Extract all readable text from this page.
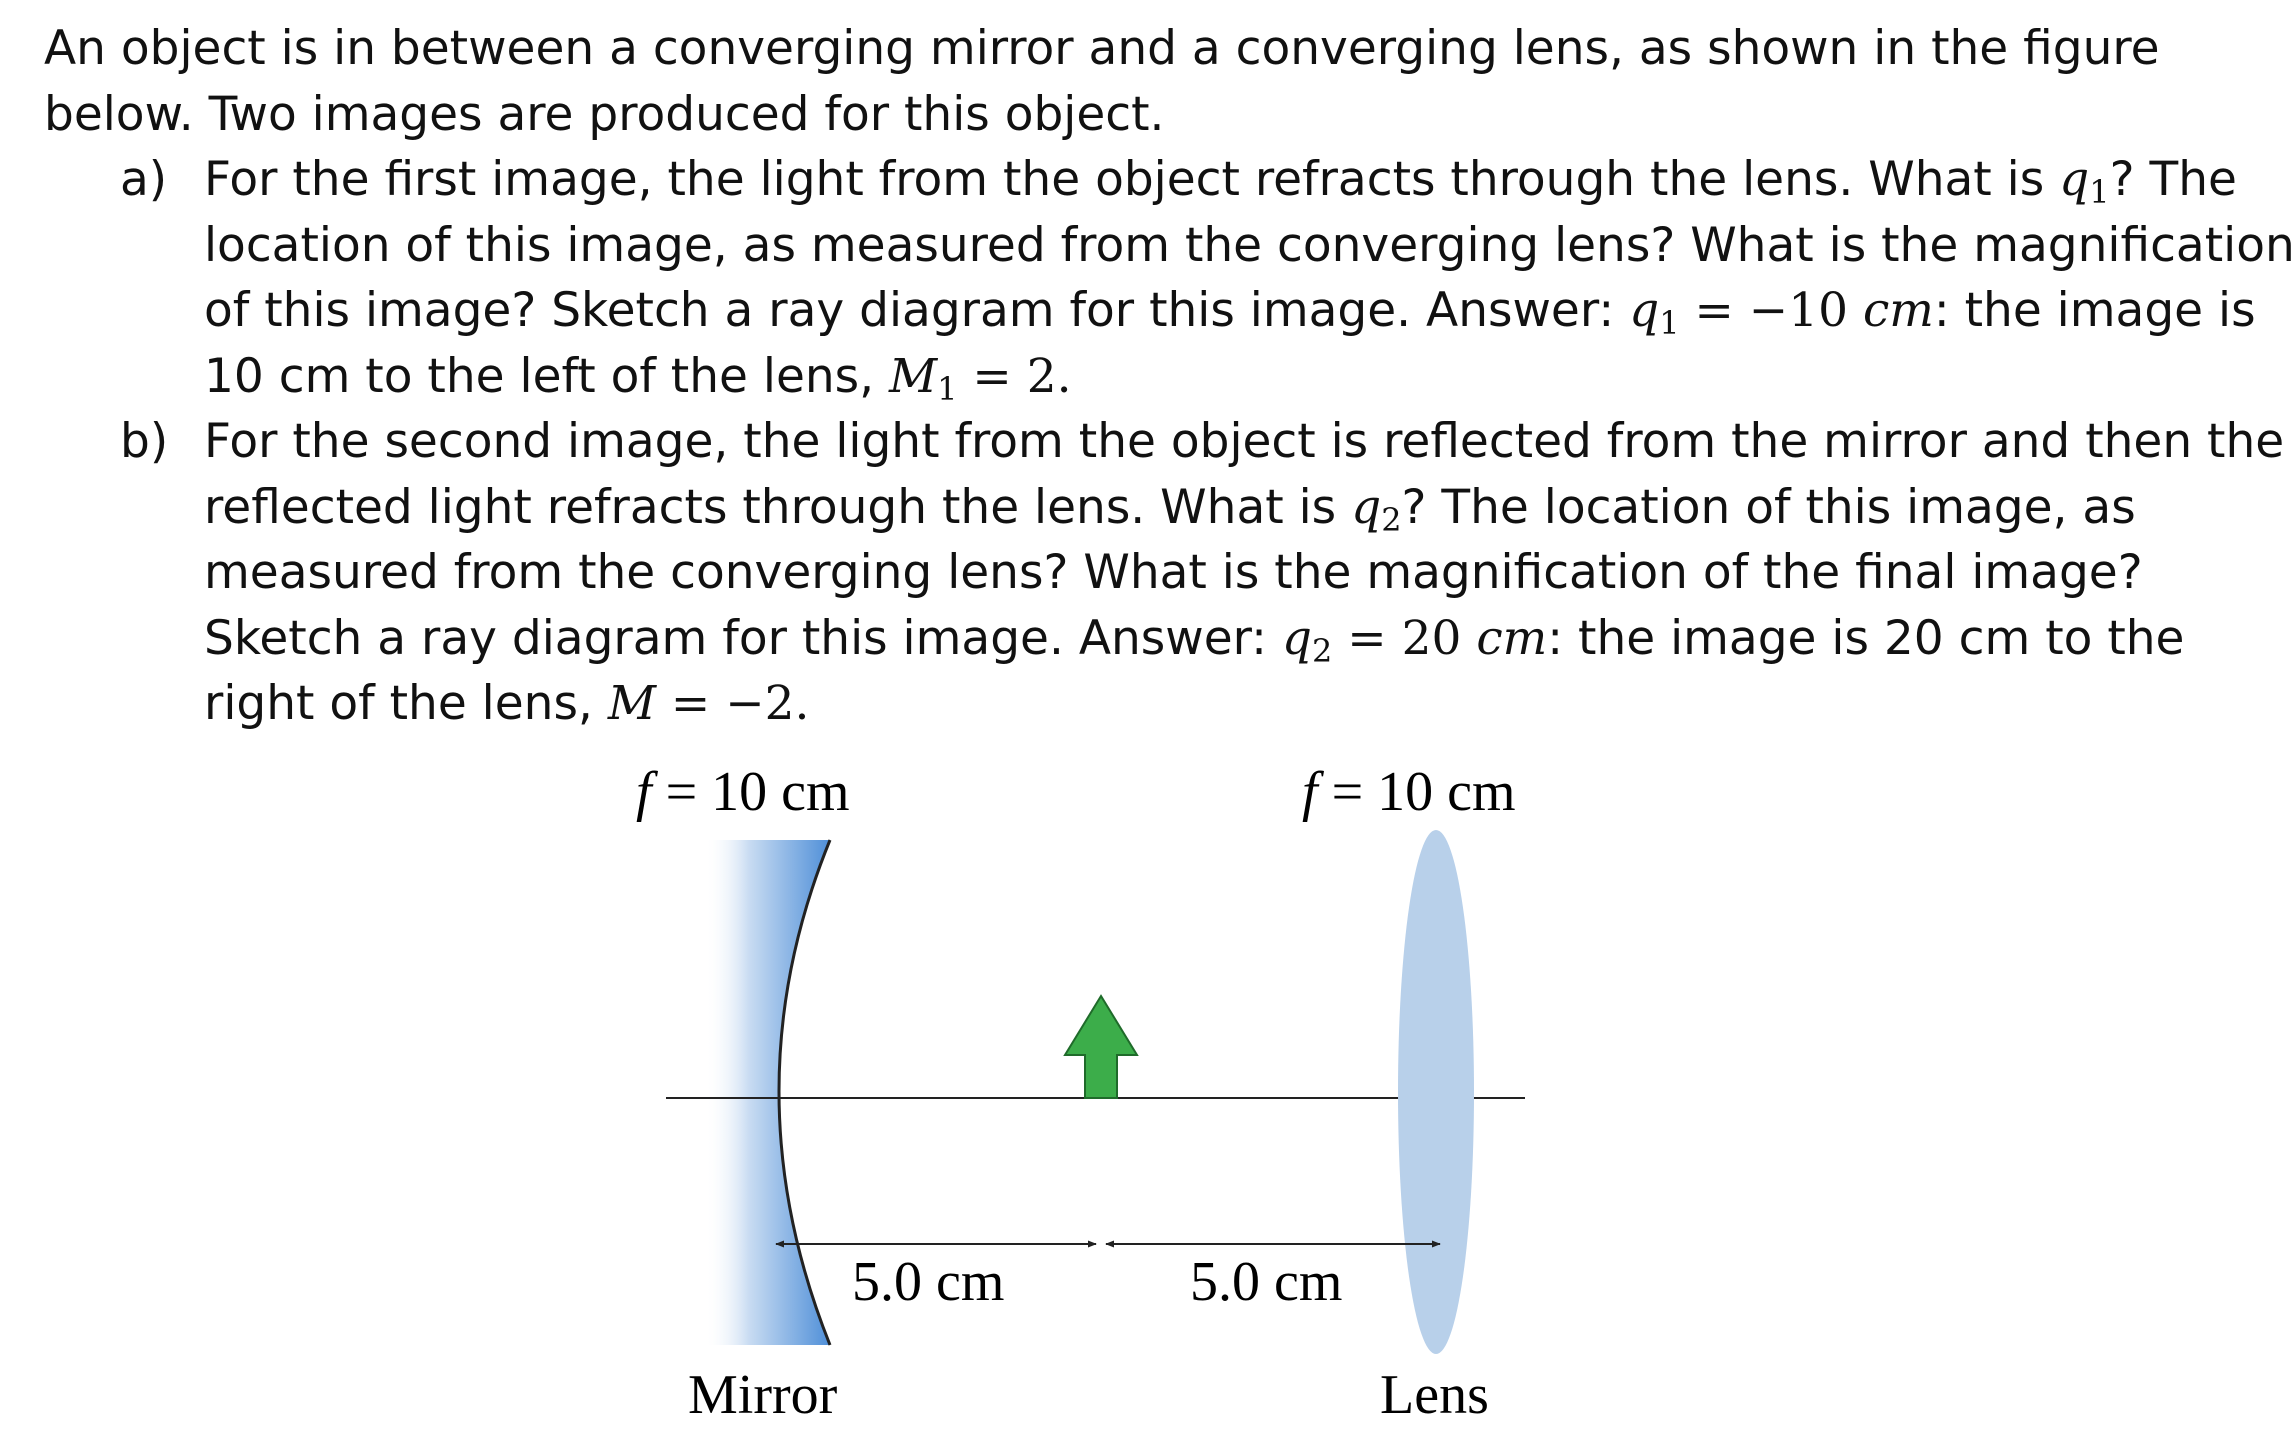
An object is in between a converging mirror and a converging lens, as shown in the figure
below. Two images are produced for this object.
a) For the first image, the light from the object refracts through the lens. What is $q_1$? The
location of this image, as measured from the converging lens? What is the magnification
of this image? Sketch a ray diagram for this image. Answer: $q_1 = -10$ cm: the image is
10 cm to the left of the lens, $M_1 = 2$.
b) For the second image, the light from the object is reflected from the mirror and then the
reflected light refracts through the lens. What is $q_2$? The location of this image, as
measured from the converging lens? What is the magnification of the final image?
Sketch a ray diagram for this image. Answer: $q_2 = 20$ cm: the image is 20 cm to the
right of the lens, M = −2.
f = 10 cm	f = 10 cm
5.0 cm	5.0 cm
Mirror	Lens
